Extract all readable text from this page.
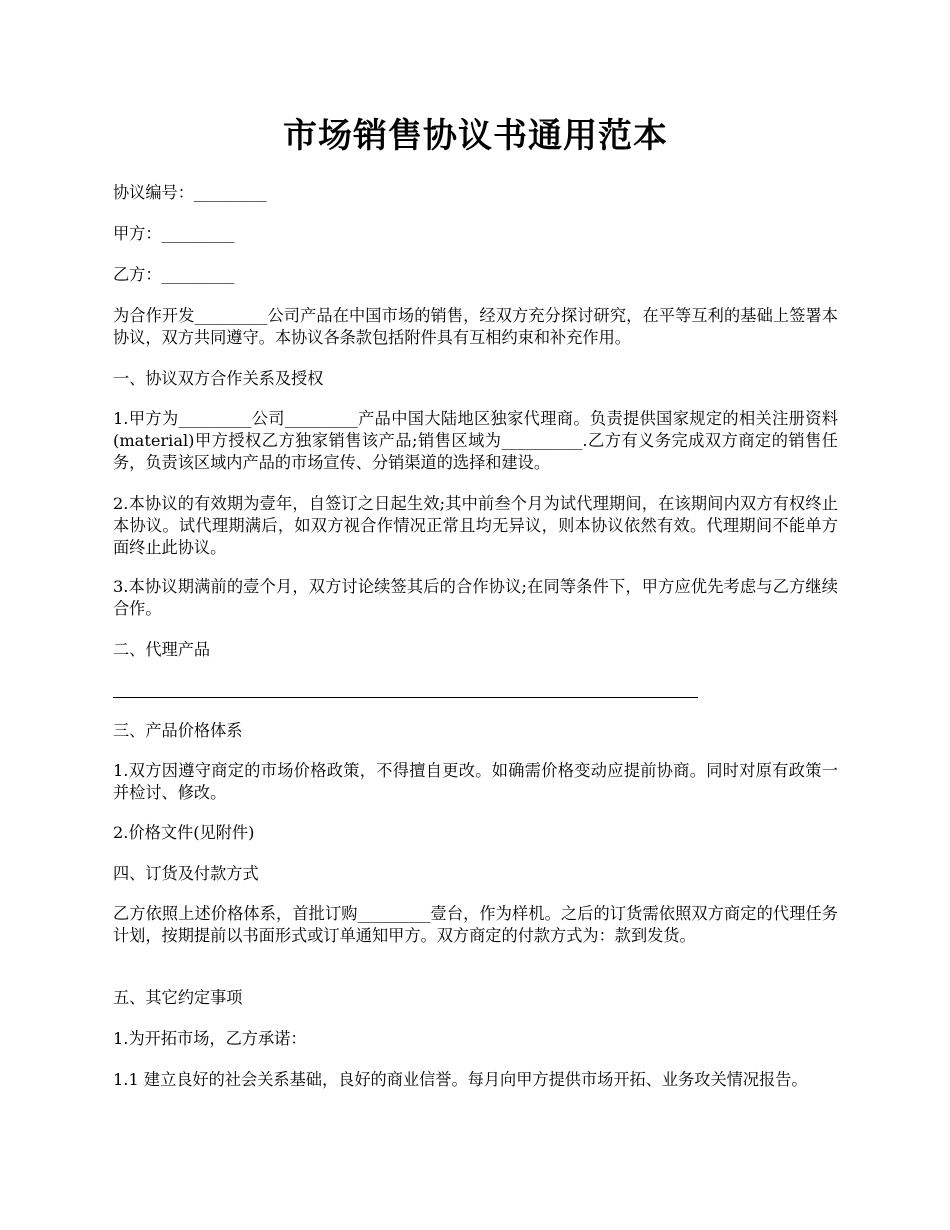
市场销售协议书通用范本

协议编号：_________

甲方：_________

乙方：_________

为合作开发_________公司产品在中国市场的销售，经双方充分探讨研究，在平等互利的基础上签署本协议，双方共同遵守。本协议各条款包括附件具有互相约束和补充作用。

一、协议双方合作关系及授权

1.甲方为_________公司_________产品中国大陆地区独家代理商。负责提供国家规定的相关注册资料(material)甲方授权乙方独家销售该产品;销售区域为__________.乙方有义务完成双方商定的销售任务，负责该区域内产品的市场宣传、分销渠道的选择和建设。

2.本协议的有效期为壹年，自签订之日起生效;其中前叁个月为试代理期间，在该期间内双方有权终止本协议。试代理期满后，如双方视合作情况正常且均无异议，则本协议依然有效。代理期间不能单方面终止此协议。

3.本协议期满前的壹个月，双方讨论续签其后的合作协议;在同等条件下，甲方应优先考虑与乙方继续合作。

二、代理产品

三、产品价格体系

1.双方因遵守商定的市场价格政策，不得擅自更改。如确需价格变动应提前协商。同时对原有政策一并检讨、修改。

2.价格文件(见附件)

四、订货及付款方式

乙方依照上述价格体系，首批订购_________壹台，作为样机。之后的订货需依照双方商定的代理任务计划，按期提前以书面形式或订单通知甲方。双方商定的付款方式为：款到发货。

五、其它约定事项

1.为开拓市场，乙方承诺：

1.1 建立良好的社会关系基础，良好的商业信誉。每月向甲方提供市场开拓、业务攻关情况报告。
